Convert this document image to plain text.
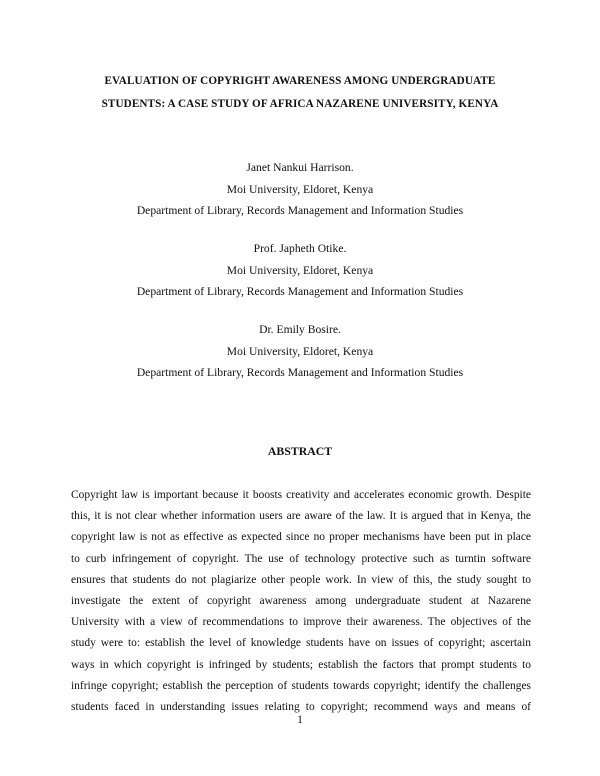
EVALUATION OF COPYRIGHT AWARENESS AMONG UNDERGRADUATE
STUDENTS: A CASE STUDY OF AFRICA NAZARENE UNIVERSITY, KENYA
Janet Nankui Harrison.
Moi University, Eldoret, Kenya
Department of Library, Records Management and Information Studies
Prof. Japheth Otike.
Moi University, Eldoret, Kenya
Department of Library, Records Management and Information Studies
Dr. Emily Bosire.
Moi University, Eldoret, Kenya
Department of Library, Records Management and Information Studies
ABSTRACT
Copyright law is important because it boosts creativity and accelerates economic growth. Despite
this, it is not clear whether information users are aware of the law. It is argued that in Kenya, the
copyright law is not as effective as expected since no proper mechanisms have been put in place
to curb infringement of copyright. The use of technology protective such as turntin software
ensures that students do not plagiarize other people work. In view of this, the study sought to
investigate the extent of copyright awareness among undergraduate student at Nazarene
University with a view of recommendations to improve their awareness. The objectives of the
study were to: establish the level of knowledge students have on issues of copyright; ascertain
ways in which copyright is infringed by students; establish the factors that prompt students to
infringe copyright; establish the perception of students towards copyright; identify the challenges
students faced in understanding issues relating to copyright; recommend ways and means of
1
